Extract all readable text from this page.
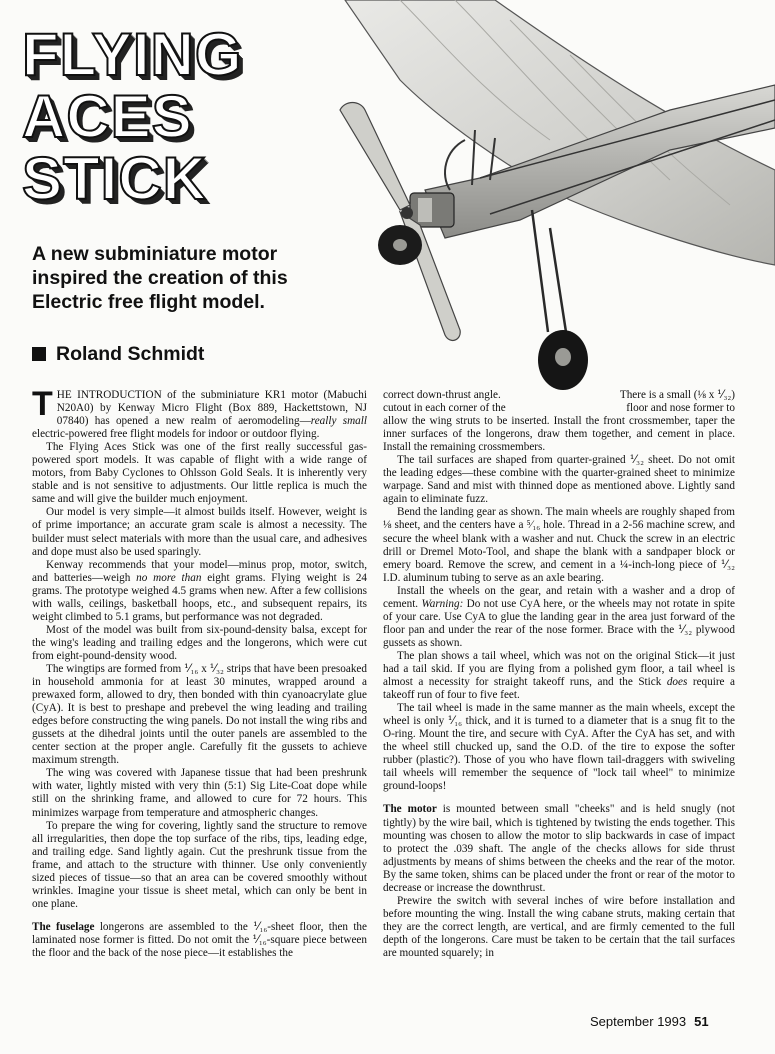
FLYING
ACES
STICK
A new subminiature motor inspired the creation of this Electric free flight model.
Roland Schmidt

THE INTRODUCTION of the subminiature KR1 motor (Mabuchi N20A0) by Kenway Micro Flight (Box 889, Hackettstown, NJ 07840) has opened a new realm of aeromodeling—really small electric-powered free flight models for indoor or outdoor flying.

The Flying Aces Stick was one of the first really successful gas-powered sport models. It was capable of flight with a wide range of motors, from Baby Cyclones to Ohlsson Gold Seals. It is inherently very stable and is not sensitive to adjustments. Our little replica is much the same and will give the builder much enjoyment.

Our model is very simple—it almost builds itself. However, weight is of prime importance; an accurate gram scale is almost a necessity. The builder must select materials with more than the usual care, and adhesives and dope must also be used sparingly.

Kenway recommends that your model—minus prop, motor, switch, and batteries—weigh no more than eight grams. Flying weight is 24 grams. The prototype weighed 4.5 grams when new. After a few collisions with walls, ceilings, basketball hoops, etc., and subsequent repairs, its weight climbed to 5.1 grams, but performance was not degraded.

Most of the model was built from six-pound-density balsa, except for the wing's leading and trailing edges and the longerons, which were cut from eight-pound-density wood.

The wingtips are formed from ⅟₁₆ x ⅟₃₂ strips that have been presoaked in household ammonia for at least 30 minutes, wrapped around a prewaxed form, allowed to dry, then bonded with thin cyanoacrylate glue (CyA). It is best to preshape and prebevel the wing leading and trailing edges before constructing the wing panels. Do not install the wing ribs and gussets at the dihedral joints until the outer panels are assembled to the center section at the proper angle. Carefully fit the gussets to achieve maximum strength.

The wing was covered with Japanese tissue that had been preshrunk with water, lightly misted with very thin (5:1) Sig Lite-Coat dope while still on the shrinking frame, and allowed to cure for 72 hours. This minimizes warpage from temperature and atmospheric changes.

To prepare the wing for covering, lightly sand the structure to remove all irregularities, then dope the top surface of the ribs, tips, leading edge, and trailing edge. Sand lightly again. Cut the preshrunk tissue from the frame, and attach to the structure with thinner. Use only conveniently sized pieces of tissue—so that an area can be covered smoothly without wrinkles. Imagine your tissue is sheet metal, which can only be bent in one plane.

The fuselage longerons are assembled to the ⅟₁₆-sheet floor, then the laminated nose former is fitted. Do not omit the ⅟₁₆-square piece between the floor and the back of the nose piece—it establishes the

correct down-thrust angle.	There is a small (⅛ x ⅟₃₂)
cutout in each corner of the	floor and nose former to

allow the wing struts to be inserted. Install the front crossmember, taper the inner surfaces of the longerons, draw them together, and cement in place. Install the remaining crossmembers.

The tail surfaces are shaped from quarter-grained ⅟₃₂ sheet. Do not omit the leading edges—these combine with the quarter-grained sheet to minimize warpage. Sand and mist with thinned dope as mentioned above. Lightly sand again to eliminate fuzz.

Bend the landing gear as shown. The main wheels are roughly shaped from ⅛ sheet, and the centers have a ⁵⁄₁₆ hole. Thread in a 2-56 machine screw, and secure the wheel blank with a washer and nut. Chuck the screw in an electric drill or Dremel Moto-Tool, and shape the blank with a sandpaper block or emery board. Remove the screw, and cement in a ¼-inch-long piece of ⅟₃₂ I.D. aluminum tubing to serve as an axle bearing.

Install the wheels on the gear, and retain with a washer and a drop of cement. Warning: Do not use CyA here, or the wheels may not rotate in spite of your care. Use CyA to glue the landing gear in the area just forward of the floor pan and under the rear of the nose former. Brace with the ⅟₃₂ plywood gussets as shown.

The plan shows a tail wheel, which was not on the original Stick—it just had a tail skid. If you are flying from a polished gym floor, a tail wheel is almost a necessity for straight takeoff runs, and the Stick does require a takeoff run of four to five feet.

The tail wheel is made in the same manner as the main wheels, except the wheel is only ⅟₁₆ thick, and it is turned to a diameter that is a snug fit to the O-ring. Mount the tire, and secure with CyA. After the CyA has set, and with the wheel still chucked up, sand the O.D. of the tire to expose the softer rubber (plastic?). Those of you who have flown tail-draggers with swiveling tail wheels will remember the sequence of "lock tail wheel" to minimize ground-loops!

The motor is mounted between small "cheeks" and is held snugly (not tightly) by the wire bail, which is tightened by twisting the ends together. This mounting was chosen to allow the motor to slip backwards in case of impact to protect the .039 shaft. The angle of the checks allows for side thrust adjustments by means of shims between the cheeks and the rear of the motor. By the same token, shims can be placed under the front or rear of the motor to decrease or increase the downthrust.

Prewire the switch with several inches of wire before installation and before mounting the wing. Install the wing cabane struts, making certain that they are the correct length, are vertical, and are firmly cemented to the full depth of the longerons. Care must be taken to be certain that the tail surfaces are mounted squarely; in

September 1993 51
